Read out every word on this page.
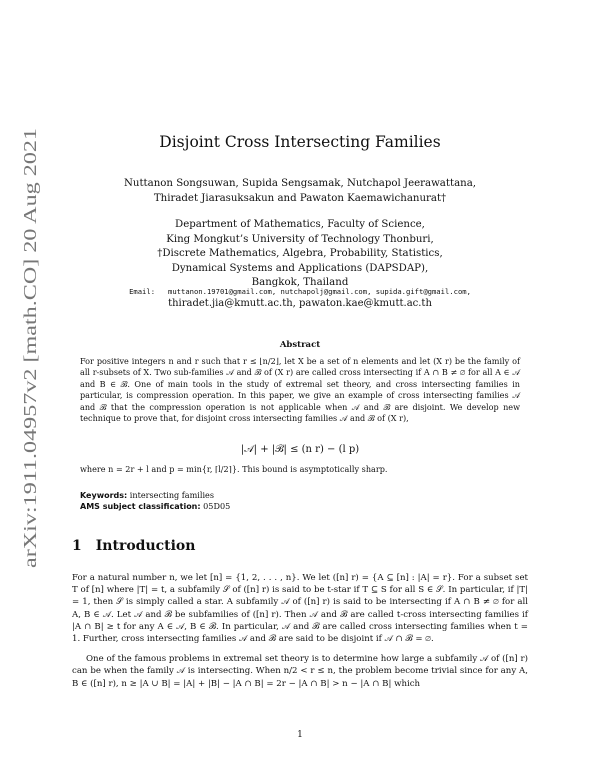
arXiv:1911.04957v2 [math.CO] 20 Aug 2021
Disjoint Cross Intersecting Families
Nuttanon Songsuwan, Supida Sengsamak, Nutchapol Jeerawattana,
Thiradet Jiarasuksakun and Pawaton Kaemawichanurat†
Department of Mathematics, Faculty of Science,
King Mongkut’s University of Technology Thonburi,
†Discrete Mathematics, Algebra, Probability, Statistics,
Dynamical Systems and Applications (DAPSDAP),
Bangkok, Thailand
Email: muttanon.19701@gmail.com, nutchapolj@gmail.com, supida.gift@gmail.com,
thiradet.jia@kmutt.ac.th, pawaton.kae@kmutt.ac.th
Abstract
For positive integers n and r such that r ≤ ⌊n/2⌋, let X be a set of n elements and let (X r) be the family of all r-subsets of X. Two sub-families 𝒜 and ℬ of (X r) are called cross intersecting if A ∩ B ≠ ∅ for all A ∈ 𝒜 and B ∈ ℬ. One of main tools in the study of extremal set theory, and cross intersecting families in particular, is compression operation. In this paper, we give an example of cross intersecting families 𝒜 and ℬ that the compression operation is not applicable when 𝒜 and ℬ are disjoint. We develop new technique to prove that, for disjoint cross intersecting families 𝒜 and ℬ of (X r),
|𝒜| + |ℬ| ≤ (n r) − (l p)
where n = 2r + l and p = min{r, ⌈l/2⌉}. This bound is asymptotically sharp.
Keywords: intersecting families
AMS subject classification: 05D05
1 Introduction

For a natural number n, we let [n] = {1, 2, . . . , n}. We let ([n] r) = {A ⊆ [n] : |A| = r}. For a subset set T of [n] where |T| = t, a subfamily 𝒮 of ([n] r) is said to be t-star if T ⊆ S for all S ∈ 𝒮. In particular, if |T| = 1, then 𝒮 is simply called a star. A subfamily 𝒜 of ([n] r) is said to be intersecting if A ∩ B ≠ ∅ for all A, B ∈ 𝒜. Let 𝒜 and ℬ be subfamilies of ([n] r). Then 𝒜 and ℬ are called t-cross intersecting families if |A ∩ B| ≥ t for any A ∈ 𝒜, B ∈ ℬ. In particular, 𝒜 and ℬ are called cross intersecting families when t = 1. Further, cross intersecting families 𝒜 and ℬ are said to be disjoint if 𝒜 ∩ ℬ = ∅.

One of the famous problems in extremal set theory is to determine how large a subfamily 𝒜 of ([n] r) can be when the family 𝒜 is intersecting. When n/2 < r ≤ n, the problem become trivial since for any A, B ∈ ([n] r), n ≥ |A ∪ B| = |A| + |B| − |A ∩ B| = 2r − |A ∩ B| > n − |A ∩ B| which

1
